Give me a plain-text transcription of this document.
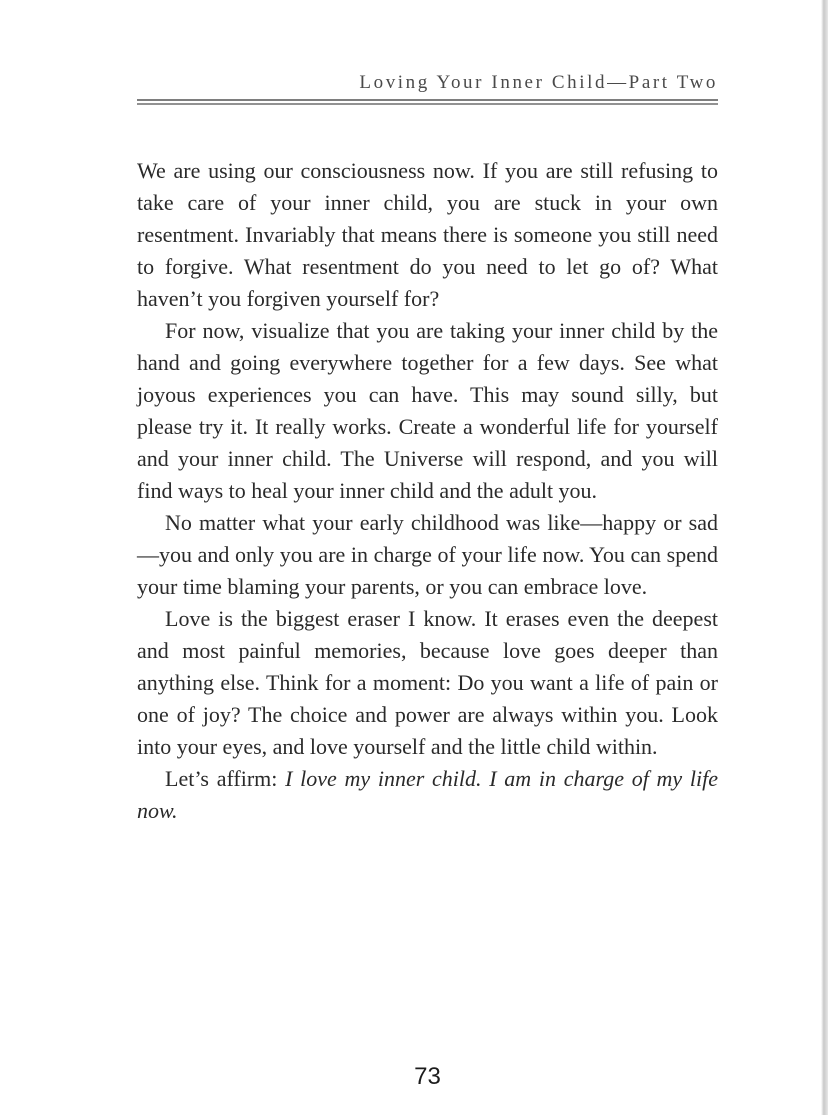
Loving Your Inner Child—Part Two

We are using our consciousness now. If you are still refusing to take care of your inner child, you are stuck in your own resentment. Invariably that means there is someone you still need to forgive. What resentment do you need to let go of? What haven’t you forgiven yourself for?

For now, visualize that you are taking your inner child by the hand and going everywhere together for a few days. See what joyous experiences you can have. This may sound silly, but please try it. It really works. Create a wonderful life for yourself and your inner child. The Universe will respond, and you will find ways to heal your inner child and the adult you.

No matter what your early childhood was like—happy or sad—you and only you are in charge of your life now. You can spend your time blaming your parents, or you can embrace love.

Love is the biggest eraser I know. It erases even the deepest and most painful memories, because love goes deeper than anything else. Think for a moment: Do you want a life of pain or one of joy? The choice and power are always within you. Look into your eyes, and love yourself and the little child within.

Let’s affirm: I love my inner child. I am in charge of my life now.

73
